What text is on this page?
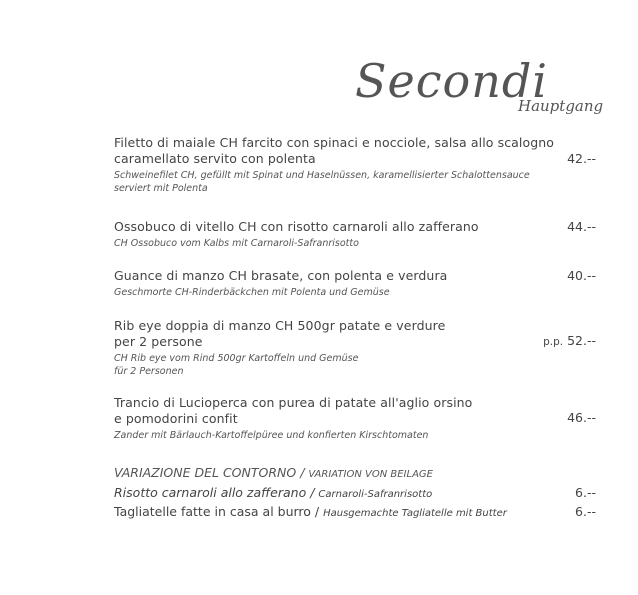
Secondi
Hauptgang
Filetto di maiale CH farcito con spinaci e nocciole, salsa allo scalogno
caramellato servito con polenta
Schweinefilet CH, gefüllt mit Spinat und Haselnüssen, karamellisierter Schalottensauce
serviert mit Polenta
42.--
Ossobuco di vitello CH con risotto carnaroli allo zafferano
CH Ossobuco vom Kalbs mit Carnaroli-Safranrisotto
44.--
Guance di manzo CH brasate, con polenta e verdura
Geschmorte CH-Rinderbäckchen mit Polenta und Gemüse
40.--
Rib eye doppia di manzo CH 500gr patate e verdure
per 2 persone
CH Rib eye vom Rind 500gr Kartoffeln und Gemüse
für 2 Personen
p.p. 52.--
Trancio di Lucioperca con purea di patate all'aglio orsino
e pomodorini confit
Zander mit Bärlauch-Kartoffelpüree und konfierten Kirschtomaten
46.--
VARIAZIONE DEL CONTORNO / VARIATION VON BEILAGE
Risotto carnaroli allo zafferano / Carnaroli-Safranrisotto	6.--
Tagliatelle fatte in casa al burro / Hausgemachte Tagliatelle mit Butter	6.--
